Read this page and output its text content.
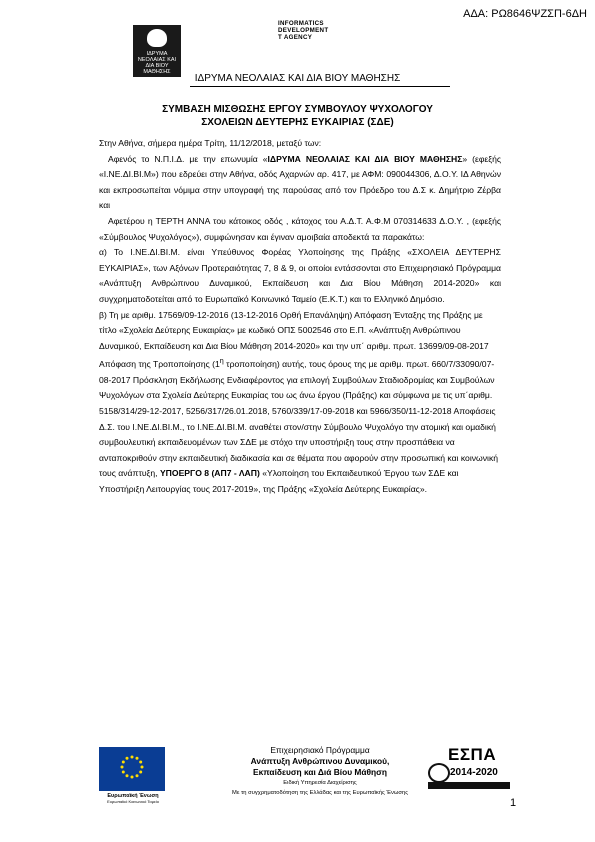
ΑΔΑ: ΡΩ8646ΨΖΣΠ-6ΔΗ
ΙΔΡΥΜΑ ΝΕΟΛΑΙΑΣ ΚΑΙ ΔΙΑ ΒΙΟΥ ΜΑΘΗΣΗΣ
INFORMATICS
DEVELOPMENT
T AGENCY
ΙΔΡΥΜΑ ΝΕΟΛΑΙΑΣ ΚΑΙ ΔΙΑ ΒΙΟΥ ΜΑΘΗΣΗΣ
ΣΥΜΒΑΣΗ ΜΙΣΘΩΣΗΣ ΕΡΓΟΥ ΣΥΜΒΟΥΛΟΥ ΨΥΧΟΛΟΓΟΥ
ΣΧΟΛΕΙΩΝ ΔΕΥΤΕΡΗΣ ΕΥΚΑΙΡΙΑΣ (ΣΔΕ)

Στην Αθήνα, σήμερα ημέρα Τρίτη, 11/12/2018, μεταξύ των:

Αφενός το Ν.Π.Ι.Δ. με την επωνυμία «ΙΔΡΥΜΑ ΝΕΟΛΑΙΑΣ ΚΑΙ ΔΙΑ ΒΙΟΥ ΜΑΘΗΣΗΣ» (εφεξής «Ι.ΝΕ.ΔΙ.ΒΙ.Μ») που εδρεύει στην Αθήνα, οδός Αχαρνών αρ. 417, με ΑΦΜ: 090044306, Δ.Ο.Υ. ΙΔ Αθηνών και εκπροσωπείται νόμιμα στην υπογραφή της παρούσας από τον Πρόεδρο του Δ.Σ κ. Δημήτριο Ζέρβα και

Αφετέρου η ΤΕΡΤΗ ΑΝΝΑ του κάτοικος οδός , κάτοχος του Α.Δ.Τ. Α.Φ.Μ 070314633 Δ.Ο.Υ. , (εφεξής «Σύμβουλος Ψυχολόγος»), συμφώνησαν και έγιναν αμοιβαία αποδεκτά τα παρακάτω:

α) Το Ι.ΝΕ.ΔΙ.ΒΙ.Μ. είναι Υπεύθυνος Φορέας Υλοποίησης της Πράξης «ΣΧΟΛΕΙΑ ΔΕΥΤΕΡΗΣ ΕΥΚΑΙΡΙΑΣ», των Αξόνων Προτεραιότητας 7, 8 & 9, οι οποίοι εντάσσονται στο Επιχειρησιακό Πρόγραμμα «Ανάπτυξη Ανθρώπινου Δυναμικού, Εκπαίδευση και Δια Βίου Μάθηση 2014-2020» και συγχρηματοδοτείται από το Ευρωπαϊκό Κοινωνικό Ταμείο (Ε.Κ.Τ.) και το Ελληνικό Δημόσιο.

β) Τη με αριθμ. 17569/09-12-2016 (13-12-2016 Ορθή Επανάληψη) Απόφαση Ένταξης της Πράξης με τίτλο «Σχολεία Δεύτερης Ευκαιρίας» με κωδικό ΟΠΣ 5002546 στο Ε.Π. «Ανάπτυξη Ανθρώπινου Δυναμικού, Εκπαίδευση και Δια Βίου Μάθηση 2014-2020» και την υπ΄ αριθμ. πρωτ. 13699/09-08-2017 Απόφαση της Τροποποίησης ($1^\eta$ τροποποίηση) αυτής, τους όρους της με αριθμ. πρωτ. 660/7/33090/07-08-2017 Πρόσκληση Εκδήλωσης Ενδιαφέροντος για επιλογή Συμβούλων Σταδιοδρομίας και Συμβούλων Ψυχολόγων στα Σχολεία Δεύτερης Ευκαιρίας του ως άνω έργου (Πράξης) και σύμφωνα με τις υπ΄αριθμ. 5158/314/29-12-2017, 5256/317/26.01.2018, 5760/339/17-09-2018 και 5966/350/11-12-2018 Αποφάσεις Δ.Σ. του Ι.ΝΕ.ΔΙ.ΒΙ.Μ., το Ι.ΝΕ.ΔΙ.ΒΙ.Μ. αναθέτει στον/στην Σύμβουλο Ψυχολόγο την ατομική και ομαδική συμβουλευτική εκπαιδευομένων των ΣΔΕ με στόχο την υποστήριξη τους στην προσπάθεια να ανταποκριθούν στην εκπαιδευτική διαδικασία και σε θέματα που αφορούν στην προσωπική και κοινωνική τους ανάπτυξη, ΥΠΟΕΡΓΟ 8 (ΑΠ7 - ΛΑΠ) «Υλοποίηση του Εκπαιδευτικού Έργου των ΣΔΕ και Υποστήριξη Λειτουργίας τους 2017-2019», της Πράξης «Σχολεία Δεύτερης Ευκαιρίας».

Ευρωπαϊκή Ένωση
Ευρωπαϊκό Κοινωνικό Ταμείο
Επιχειρησιακό Πρόγραμμα
Ανάπτυξη Ανθρώπινου Δυναμικού,
Εκπαίδευση και Διά Βίου Μάθηση
Ειδική Υπηρεσία Διαχείρισης
Με τη συγχρηματοδότηση της Ελλάδας και της Ευρωπαϊκής Ένωσης
ΕΣΠΑ
2014-2020
1
